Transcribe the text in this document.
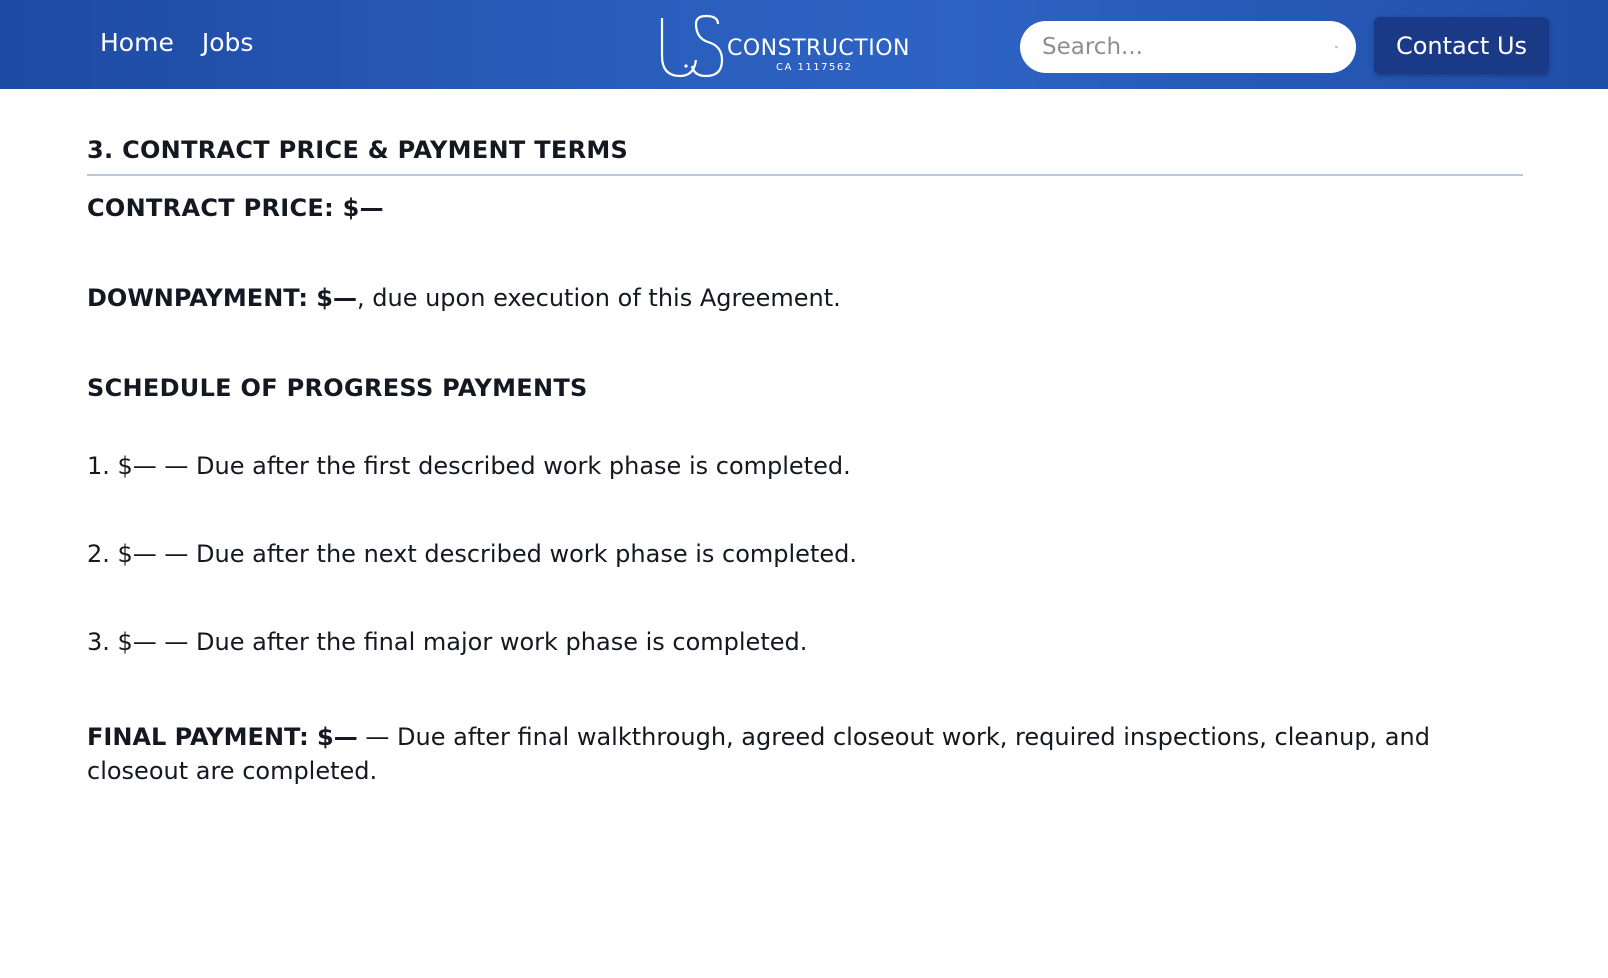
Home Jobs	CONSTRUCTION
CA 1117562
Search...
Contact Us
3. CONTRACT PRICE & PAYMENT TERMS

CONTRACT PRICE: $—

DOWNPAYMENT: $—, due upon execution of this Agreement.

SCHEDULE OF PROGRESS PAYMENTS

1. $— — Due after the first described work phase is completed.

2. $— — Due after the next described work phase is completed.

3. $— — Due after the final major work phase is completed.

FINAL PAYMENT: $— — Due after final walkthrough, agreed closeout work, required inspections, cleanup, and closeout are completed.
